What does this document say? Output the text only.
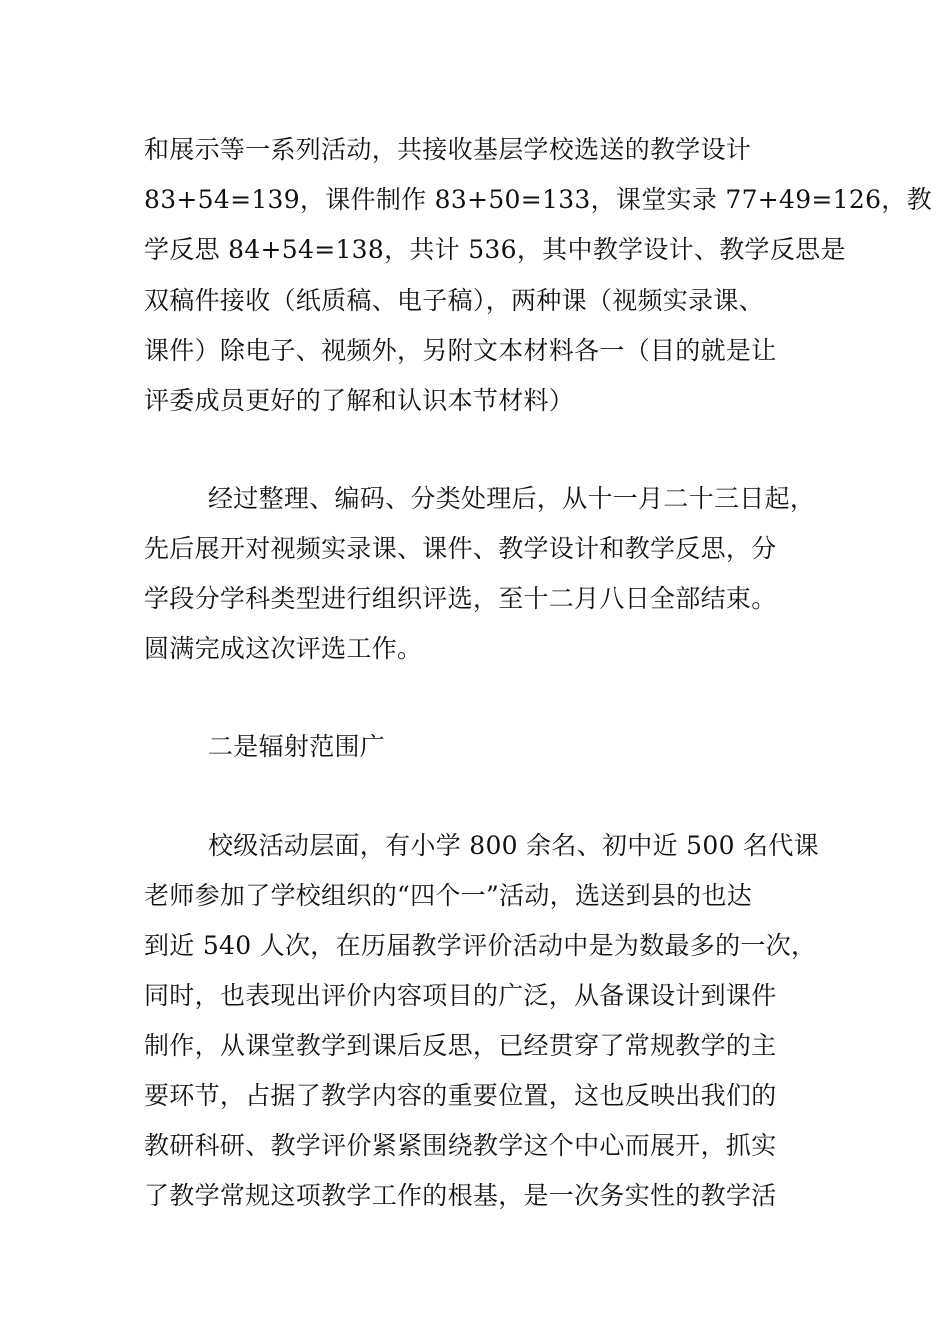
和展示等一系列活动，共接收基层学校选送的教学设计
83+54=139，课件制作 83+50=133，课堂实录 77+49=126，教
学反思 84+54=138，共计 536，其中教学设计、教学反思是
双稿件接收（纸质稿、电子稿），两种课（视频实录课、
课件）除电子、视频外，另附文本材料各一（目的就是让
评委成员更好的了解和认识本节材料）
经过整理、编码、分类处理后，从十一月二十三日起，
先后展开对视频实录课、课件、教学设计和教学反思，分
学段分学科类型进行组织评选，至十二月八日全部结束。
圆满完成这次评选工作。
二是辐射范围广
校级活动层面，有小学 800 余名、初中近 500 名代课
老师参加了学校组织的“四个一”活动，选送到县的也达
到近 540 人次，在历届教学评价活动中是为数最多的一次，
同时，也表现出评价内容项目的广泛，从备课设计到课件
制作，从课堂教学到课后反思，已经贯穿了常规教学的主
要环节，占据了教学内容的重要位置，这也反映出我们的
教研科研、教学评价紧紧围绕教学这个中心而展开，抓实
了教学常规这项教学工作的根基，是一次务实性的教学活
